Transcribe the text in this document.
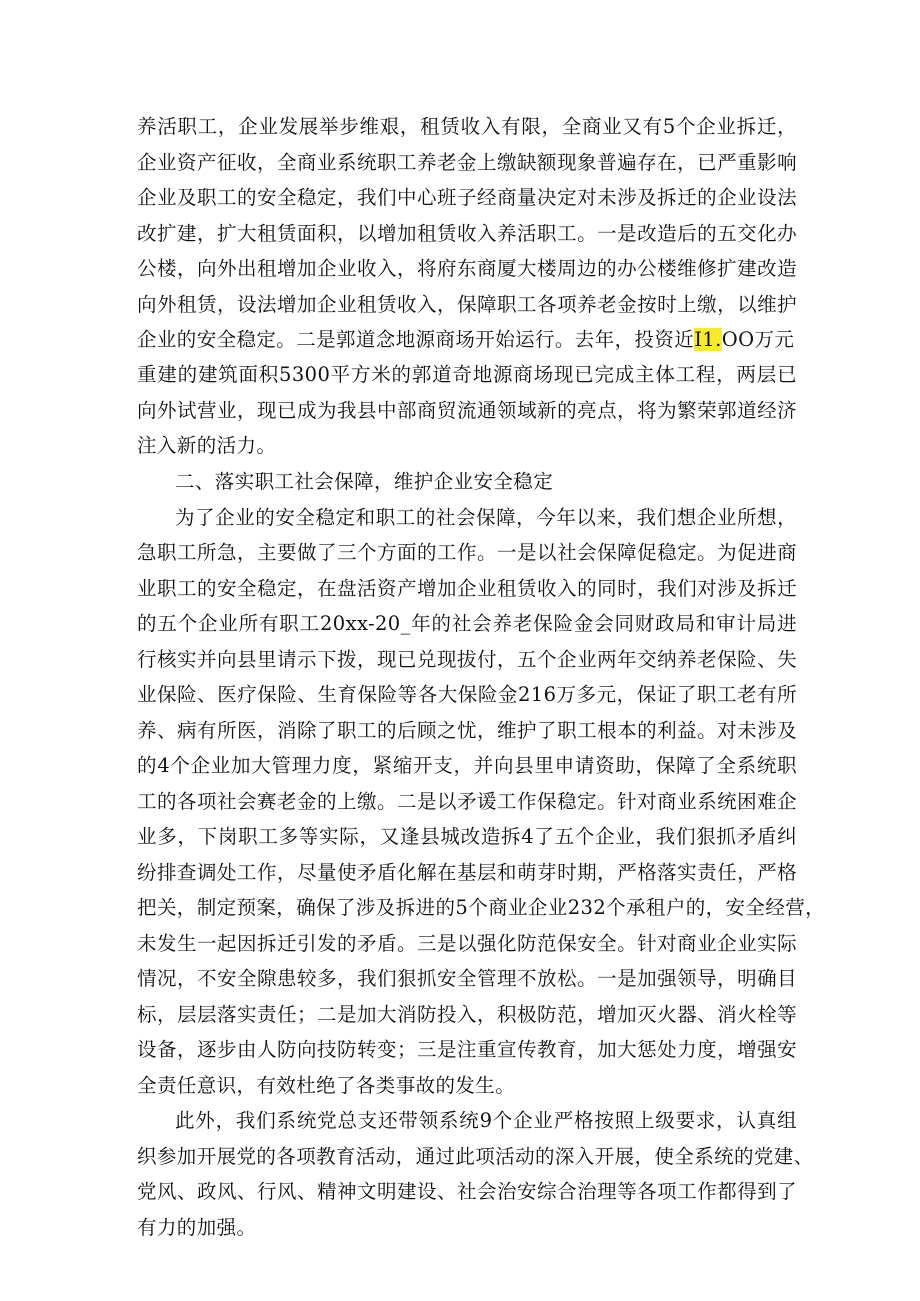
养活职工，企业发展举步维艰，租赁收入有限，全商业又有5个企业拆迁，
企业资产征收，全商业系统职工养老金上缴缺额现象普遍存在，已严重影响
企业及职工的安全稳定，我们中心班子经商量决定对未涉及拆迁的企业设法
改扩建，扩大租赁面积，以增加租赁收入养活职工。一是改造后的五交化办
公楼，向外出租增加企业收入，将府东商厦大楼周边的办公楼维修扩建改造
向外租赁，设法增加企业租赁收入，保障职工各项养老金按时上缴，以维护
企业的安全稳定。二是郭道念地源商场开始运行。去年，投资近I1.OO万元
重建的建筑面积5300平方米的郭道奇地源商场现已完成主体工程，两层已
向外试营业，现已成为我县中部商贸流通领域新的亮点，将为繁荣郭道经济
注入新的活力。
二、落实职工社会保障，维护企业安全稳定
为了企业的安全稳定和职工的社会保障，今年以来，我们想企业所想，
急职工所急，主要做了三个方面的工作。一是以社会保障促稳定。为促进商
业职工的安全稳定，在盘活资产增加企业租赁收入的同时，我们对涉及拆迁
的五个企业所有职工20xx-20_年的社会养老保险金会同财政局和审计局进
行核实并向县里请示下拨，现已兑现拔付，五个企业两年交纳养老保险、失
业保险、医疗保险、生育保险等各大保险金216万多元，保证了职工老有所
养、病有所医，消除了职工的后顾之忧，维护了职工根本的利益。对未涉及
的4个企业加大管理力度，紧缩开支，并向县里申请资助，保障了全系统职
工的各项社会赛老金的上缴。二是以矛谖工作保稳定。针对商业系统困难企
业多，下岗职工多等实际，又逢县城改造拆4了五个企业，我们狠抓矛盾纠
纷排查调处工作，尽量使矛盾化解在基层和萌芽时期，严格落实责任，严格
把关，制定预案，确保了涉及拆进的5个商业企业232个承租户的，安全经营，
未发生一起因拆迁引发的矛盾。三是以强化防范保安全。针对商业企业实际
情况，不安全隙患较多，我们狠抓安全管理不放松。一是加强领导，明确目
标，层层落实责任；二是加大消防投入，积极防范，增加灭火器、消火栓等
设备，逐步由人防向技防转变；三是注重宣传教育，加大惩处力度，增强安
全责任意识，有效杜绝了各类事故的发生。
此外，我们系统党总支还带领系统9个企业严格按照上级要求，认真组
织参加开展党的各项教育活动，通过此项活动的深入开展，使全系统的党建、
党风、政风、行风、精神文明建设、社会治安综合治理等各项工作都得到了
有力的加强。
